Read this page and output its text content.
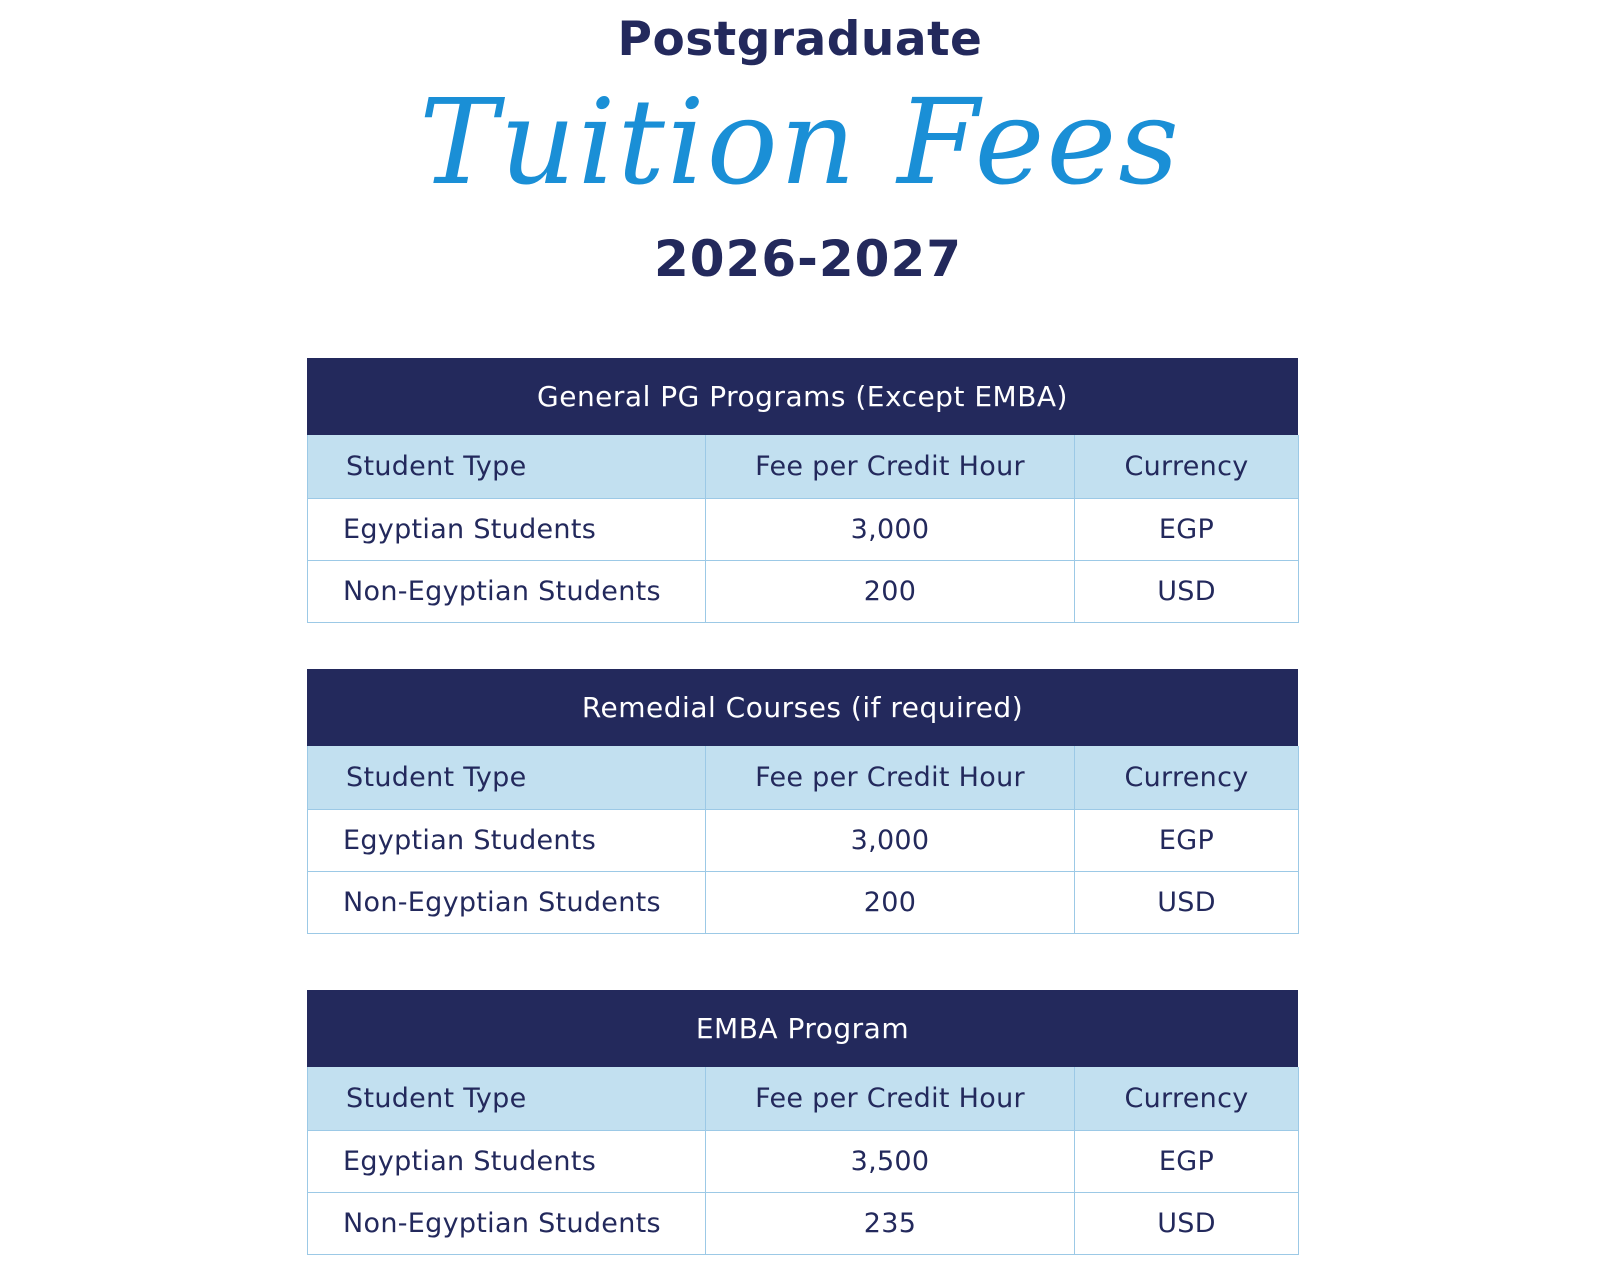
Postgraduate
Tuition Fees
2026-2027
General PG Programs (Except EMBA)
Student Type	Fee per Credit Hour	Currency
Egyptian Students	3,000	EGP
Non-Egyptian Students	200	USD
Remedial Courses (if required)
Student Type	Fee per Credit Hour	Currency
Egyptian Students	3,000	EGP
Non-Egyptian Students	200	USD
EMBA Program
Student Type	Fee per Credit Hour	Currency
Egyptian Students	3,500	EGP
Non-Egyptian Students	235	USD
